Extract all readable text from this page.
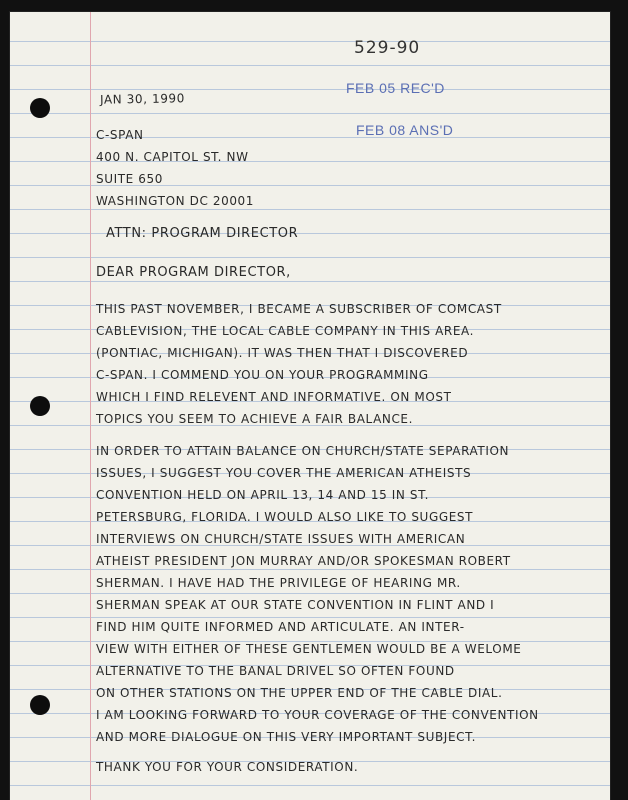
529-90
FEB 05 REC'D
FEB 08 ANS'D
JAN 30, 1990
C-SPAN
400 N. CAPITOL ST. NW
SUITE 650
WASHINGTON DC 20001
ATTN: PROGRAM DIRECTOR
DEAR PROGRAM DIRECTOR,
THIS PAST NOVEMBER, I BECAME A SUBSCRIBER OF COMCAST
CABLEVISION, THE LOCAL CABLE COMPANY IN THIS AREA.
(PONTIAC, MICHIGAN). IT WAS THEN THAT I DISCOVERED
C-SPAN. I COMMEND YOU ON YOUR PROGRAMMING
WHICH I FIND RELEVENT AND INFORMATIVE. ON MOST
TOPICS YOU SEEM TO ACHIEVE A FAIR BALANCE.
IN ORDER TO ATTAIN BALANCE ON CHURCH/STATE SEPARATION
ISSUES, I SUGGEST YOU COVER THE AMERICAN ATHEISTS
CONVENTION HELD ON APRIL 13, 14 AND 15 IN ST.
PETERSBURG, FLORIDA. I WOULD ALSO LIKE TO SUGGEST
INTERVIEWS ON CHURCH/STATE ISSUES WITH AMERICAN
ATHEIST PRESIDENT JON MURRAY AND/OR SPOKESMAN ROBERT
SHERMAN. I HAVE HAD THE PRIVILEGE OF HEARING MR.
SHERMAN SPEAK AT OUR STATE CONVENTION IN FLINT AND I
FIND HIM QUITE INFORMED AND ARTICULATE. AN INTER-
VIEW WITH EITHER OF THESE GENTLEMEN WOULD BE A WELOME
ALTERNATIVE TO THE BANAL DRIVEL SO OFTEN FOUND
ON OTHER STATIONS ON THE UPPER END OF THE CABLE DIAL.
I AM LOOKING FORWARD TO YOUR COVERAGE OF THE CONVENTION
AND MORE DIALOGUE ON THIS VERY IMPORTANT SUBJECT.
THANK YOU FOR YOUR CONSIDERATION.
